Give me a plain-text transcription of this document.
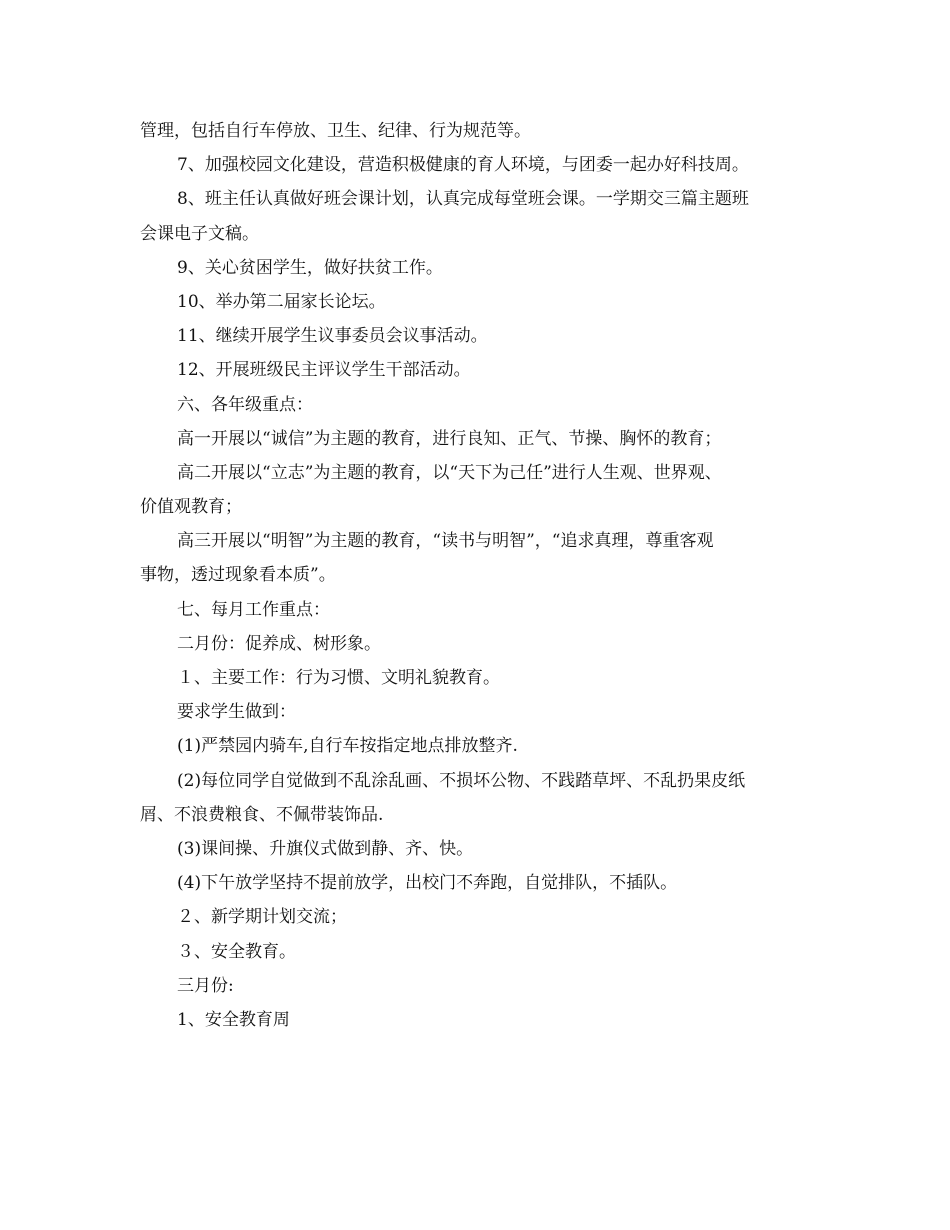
管理，包括自行车停放、卫生、纪律、行为规范等。
7、加强校园文化建设，营造积极健康的育人环境，与团委一起办好科技周。
8、班主任认真做好班会课计划，认真完成每堂班会课。一学期交三篇主题班
会课电子文稿。
9、关心贫困学生，做好扶贫工作。
10、举办第二届家长论坛。
11、继续开展学生议事委员会议事活动。
12、开展班级民主评议学生干部活动。
六、各年级重点：
高一开展以“诚信”为主题的教育，进行良知、正气、节操、胸怀的教育；
高二开展以“立志”为主题的教育，以“天下为己任”进行人生观、世界观、
价值观教育；
高三开展以“明智”为主题的教育，“读书与明智”，“追求真理，尊重客观
事物，透过现象看本质”。
七、每月工作重点：
二月份：促养成、树形象。
１、主要工作：行为习惯、文明礼貌教育。
要求学生做到：
(1)严禁园内骑车,自行车按指定地点排放整齐.
(2)每位同学自觉做到不乱涂乱画、不损坏公物、不践踏草坪、不乱扔果皮纸
屑、不浪费粮食、不佩带装饰品.
(3)课间操、升旗仪式做到静、齐、快。
(4)下午放学坚持不提前放学，出校门不奔跑，自觉排队，不插队。
２、新学期计划交流；
３、安全教育。
三月份:
1、安全教育周
